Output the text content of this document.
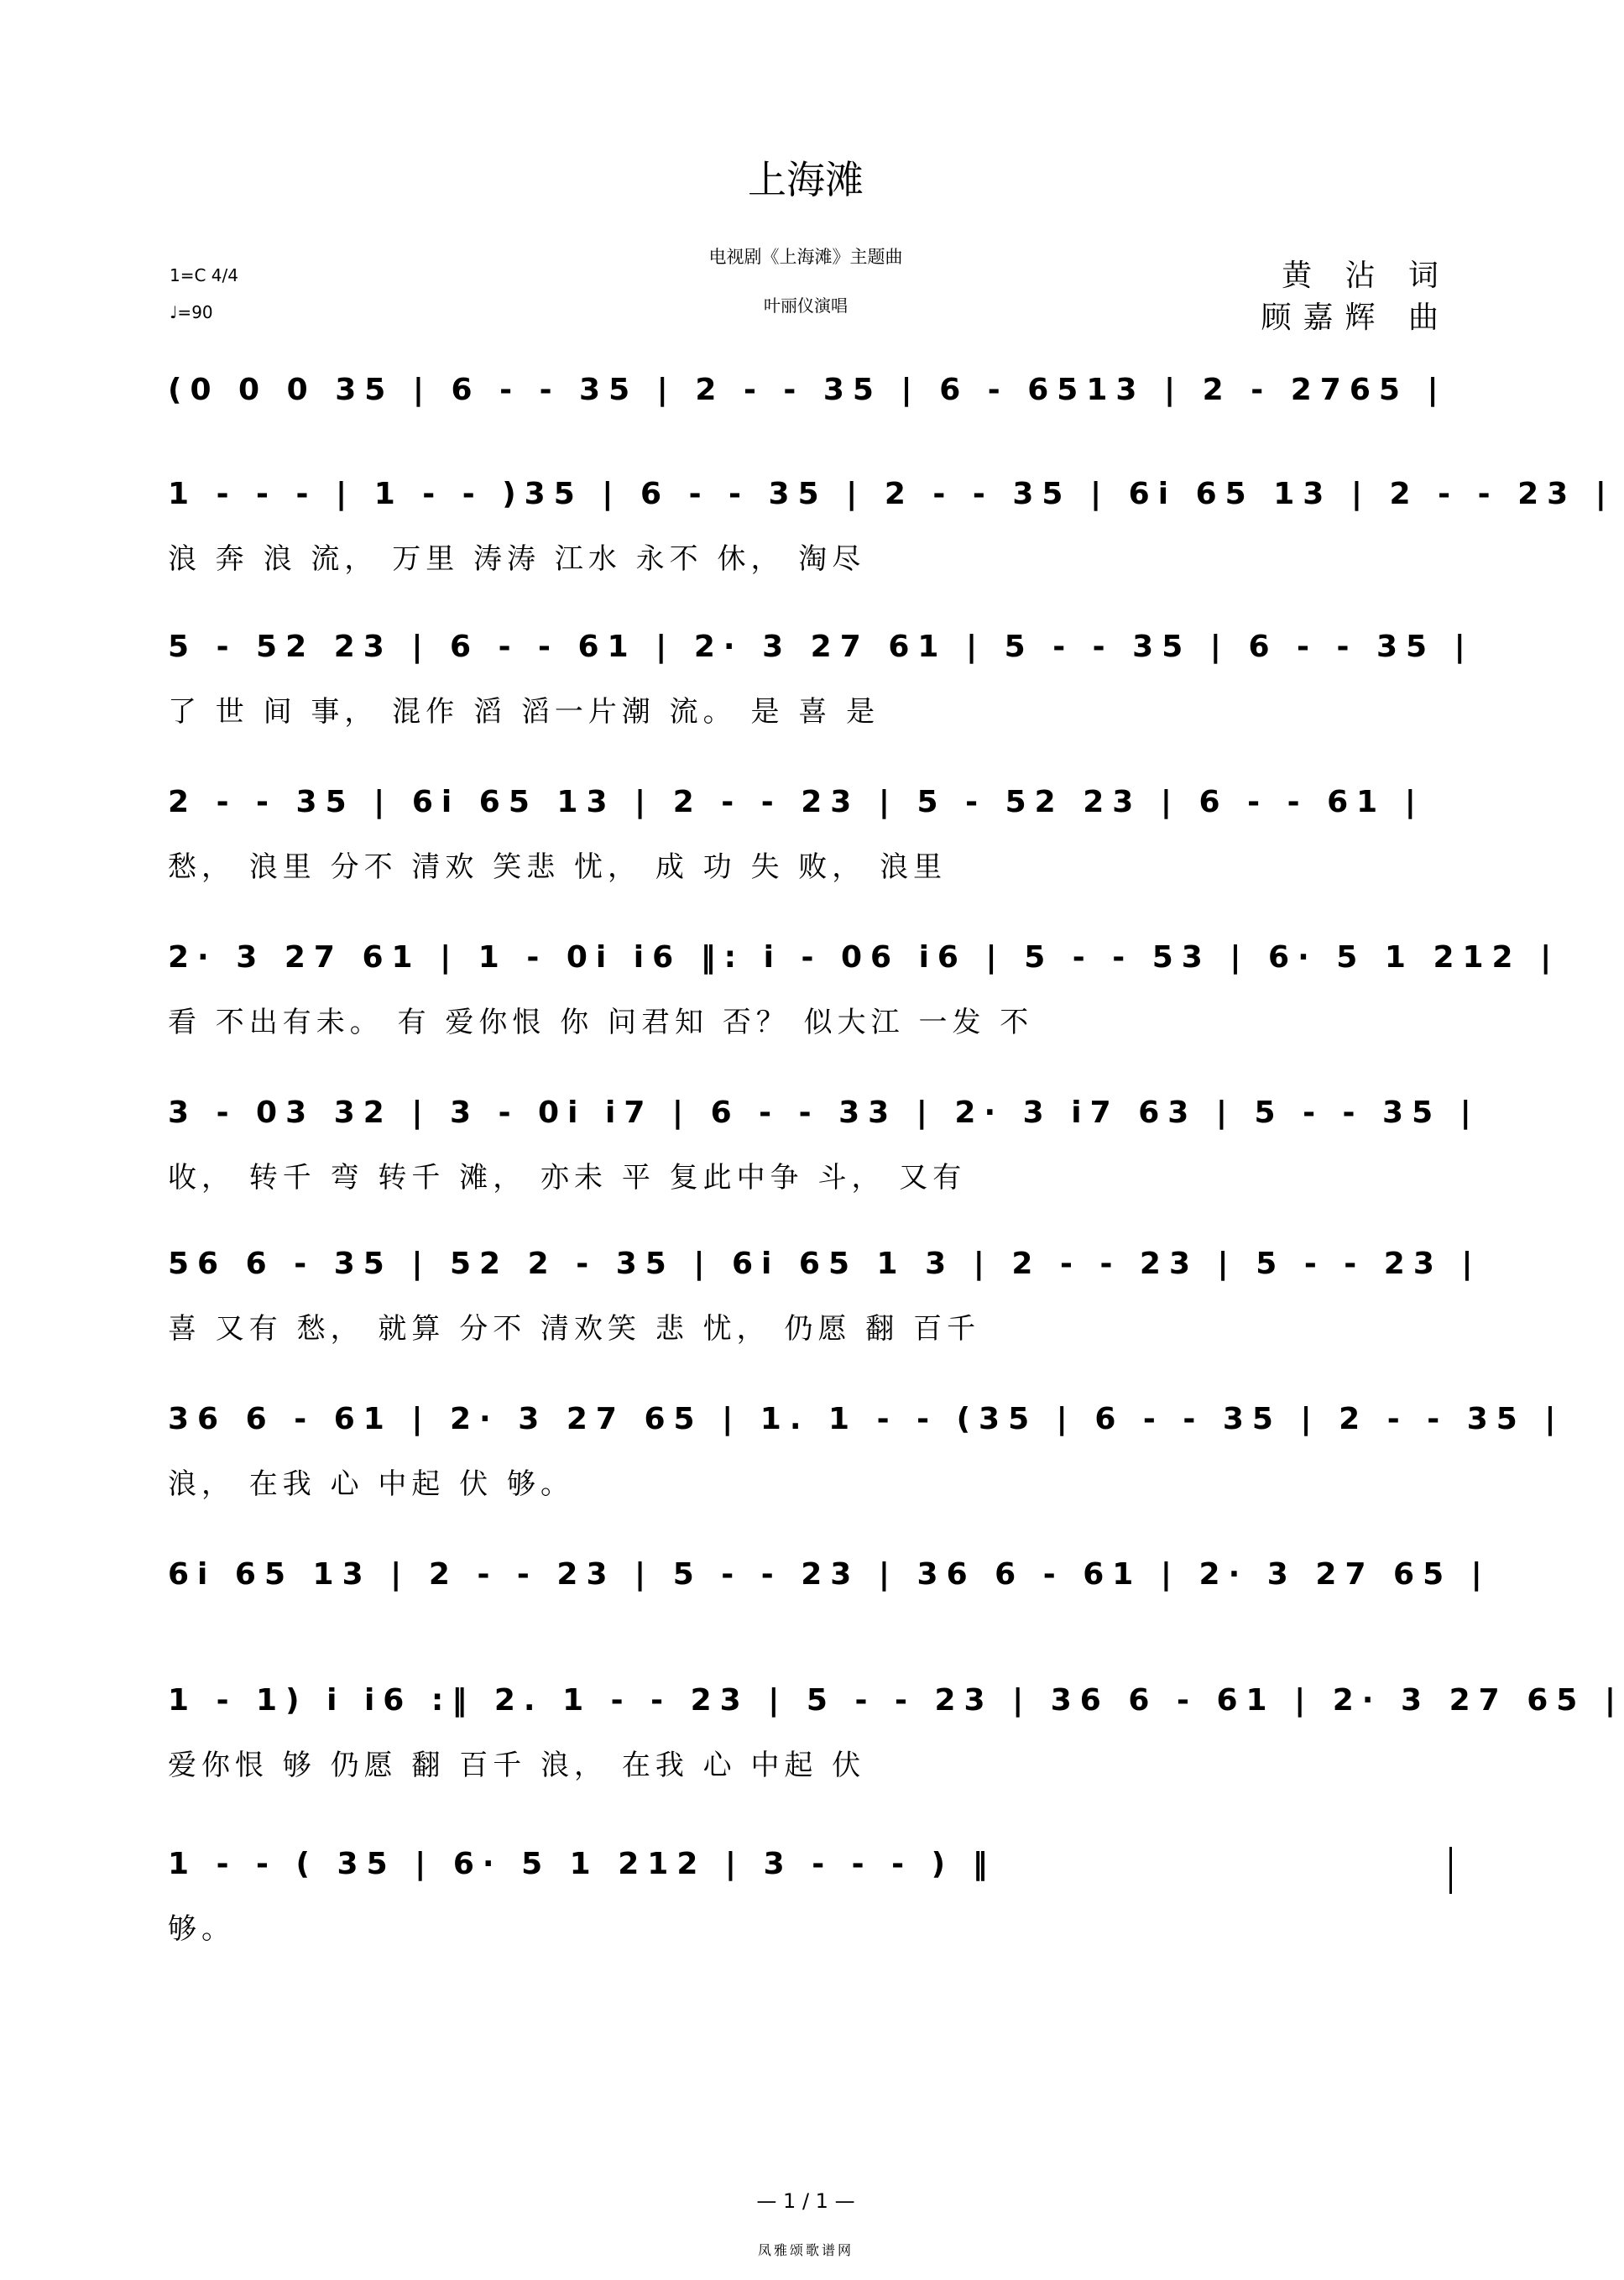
上海滩
电视剧《上海滩》主题曲
叶丽仪演唱
1=C 4/4
♩=90
黄 沾 词
顾嘉辉 曲
(0 0 0 35 | 6 - - 35 | 2 - - 35 | 6 - 6513 | 2 - 2765 |
1 - - - | 1 - - )35 | 6 - - 35 | 2 - - 35 | 6i 65 13 | 2 - - 23 |
浪 奔 浪 流， 万里 涛涛 江水 永不 休， 淘尽
5 - 52 23 | 6 - - 61 | 2· 3 27 61 | 5 - - 35 | 6 - - 35 |
了 世 间 事， 混作 滔 滔一片潮 流。 是 喜 是
2 - - 35 | 6i 65 13 | 2 - - 23 | 5 - 52 23 | 6 - - 61 |
愁， 浪里 分不 清欢 笑悲 忧， 成 功 失 败， 浪里
2· 3 27 61 | 1 - 0i i6 ‖: i - 06 i6 | 5 - - 53 | 6· 5 1 212 |
看 不出有未。 有 爱你恨 你 问君知 否？ 似大江 一发 不
3 - 03 32 | 3 - 0i i7 | 6 - - 33 | 2· 3 i7 63 | 5 - - 35 |
收， 转千 弯 转千 滩， 亦未 平 复此中争 斗， 又有
56 6 - 35 | 52 2 - 35 | 6i 65 1 3 | 2 - - 23 | 5 - - 23 |
喜 又有 愁， 就算 分不 清欢笑 悲 忧， 仍愿 翻 百千
36 6 - 61 | 2· 3 27 65 | 1. 1 - - (35 | 6 - - 35 | 2 - - 35 |
浪， 在我 心 中起 伏 够。
6i 65 13 | 2 - - 23 | 5 - - 23 | 36 6 - 61 | 2· 3 27 65 |
1 - 1) i i6 :‖ 2. 1 - - 23 | 5 - - 23 | 36 6 - 61 | 2· 3 27 65 |
爱你恨 够 仍愿 翻 百千 浪， 在我 心 中起 伏
1 - - ( 35 | 6· 5 1 212 | 3 - - - ) ‖
够。
— 1 / 1 —
凤雅颂歌谱网
